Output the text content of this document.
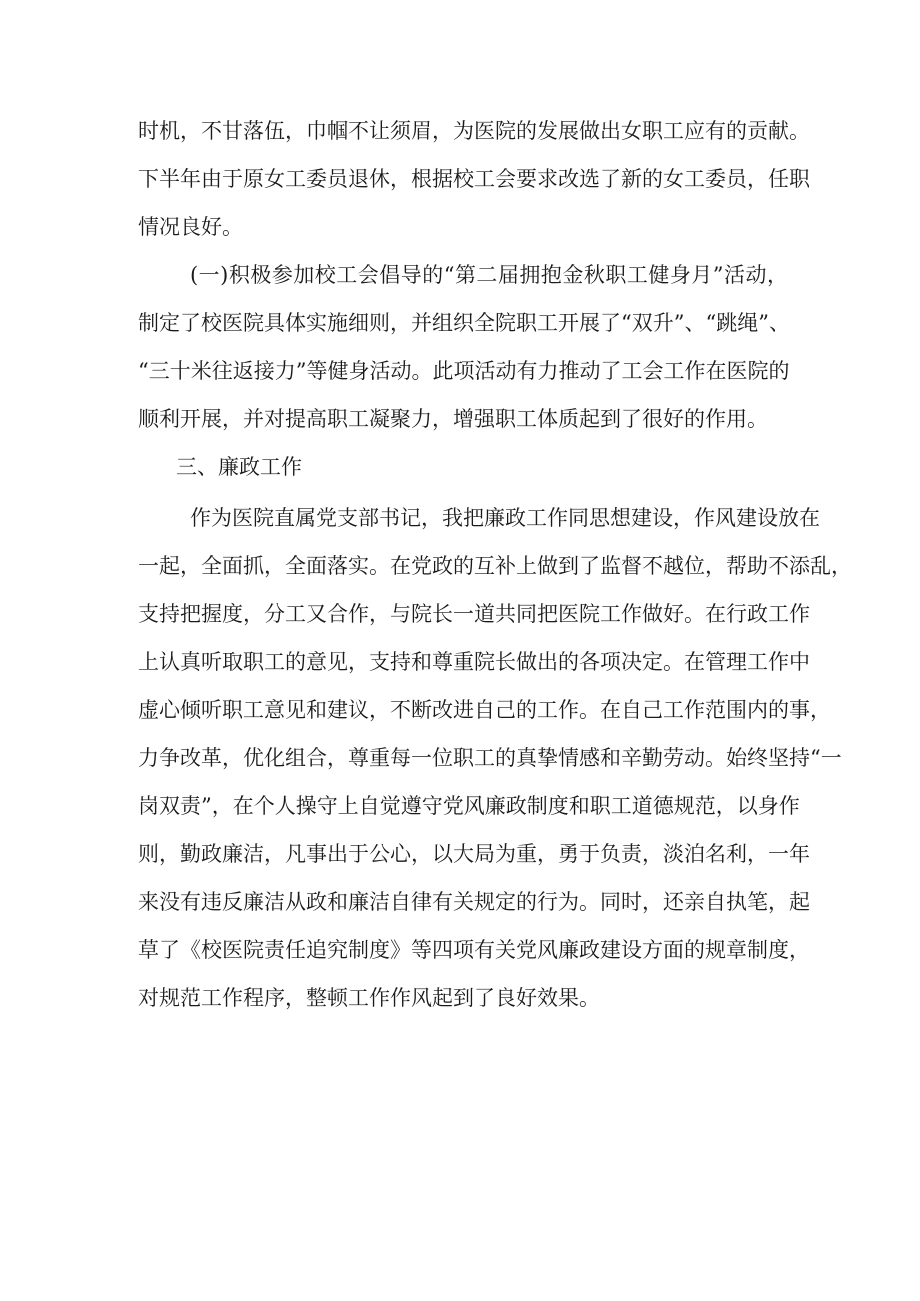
时机，不甘落伍，巾帼不让须眉，为医院的发展做出女职工应有的贡献。

下半年由于原女工委员退休，根据校工会要求改选了新的女工委员，任职

情况良好。

(一)积极参加校工会倡导的“第二届拥抱金秋职工健身月”活动，

制定了校医院具体实施细则，并组织全院职工开展了“双升”、“跳绳”、

“三十米往返接力”等健身活动。此项活动有力推动了工会工作在医院的

顺利开展，并对提高职工凝聚力，增强职工体质起到了很好的作用。

三、廉政工作

作为医院直属党支部书记，我把廉政工作同思想建设，作风建设放在

一起，全面抓，全面落实。在党政的互补上做到了监督不越位，帮助不添乱，

支持把握度，分工又合作，与院长一道共同把医院工作做好。在行政工作

上认真听取职工的意见，支持和尊重院长做出的各项决定。在管理工作中

虚心倾听职工意见和建议，不断改进自己的工作。在自己工作范围内的事，

力争改革，优化组合，尊重每一位职工的真挚情感和辛勤劳动。始终坚持“一

岗双责”，在个人操守上自觉遵守党风廉政制度和职工道德规范，以身作

则，勤政廉洁，凡事出于公心，以大局为重，勇于负责，淡泊名利，一年

来没有违反廉洁从政和廉洁自律有关规定的行为。同时，还亲自执笔，起

草了《校医院责任追究制度》等四项有关党风廉政建设方面的规章制度，

对规范工作程序，整顿工作作风起到了良好效果。
